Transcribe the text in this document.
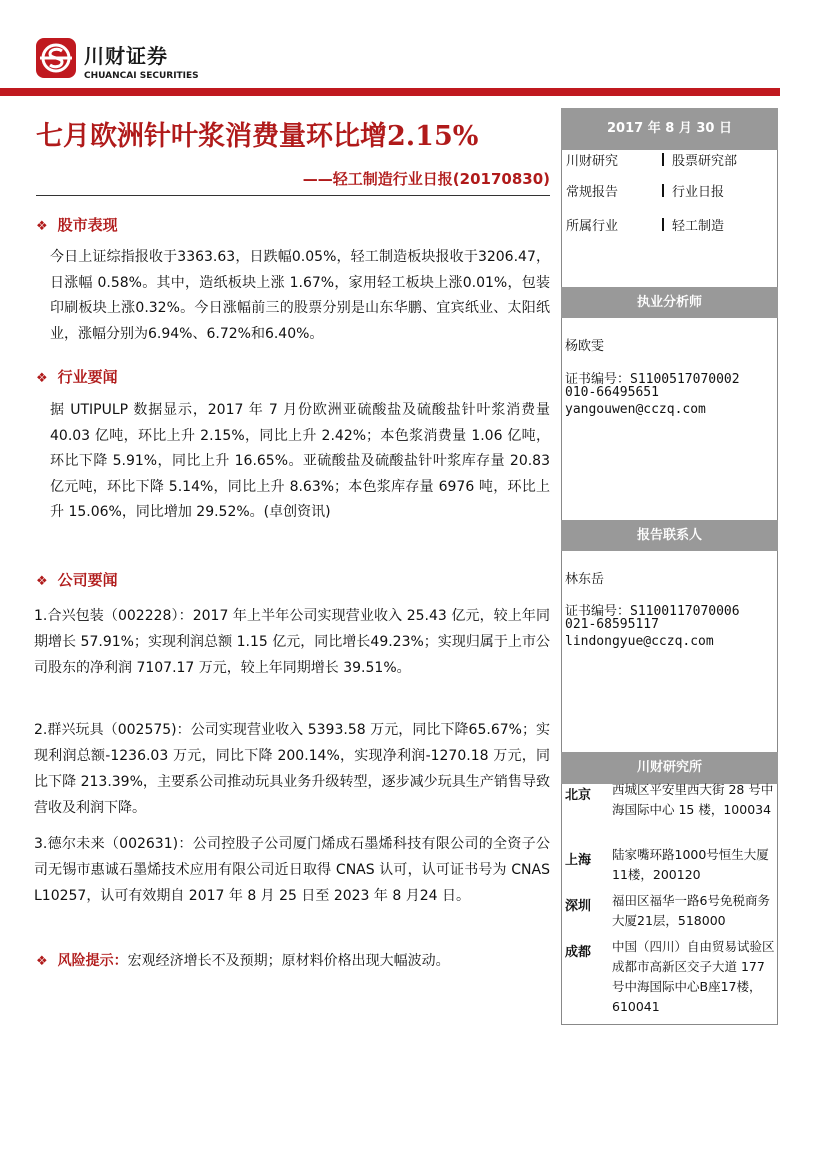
川财证券
CHUANCAI SECURITIES
七月欧洲针叶浆消费量环比增2.15%
——轻工制造行业日报(20170830)
❖ 股市表现
今日上证综指报收于3363.63，日跌幅0.05%，轻工制造板块报收于3206.47，日涨幅 0.58%。其中，造纸板块上涨 1.67%，家用轻工板块上涨0.01%，包装印刷板块上涨0.32%。今日涨幅前三的股票分别是山东华鹏、宜宾纸业、太阳纸业，涨幅分别为6.94%、6.72%和6.40%。
❖ 行业要闻
据 UTIPULP 数据显示，2017 年 7 月份欧洲亚硫酸盐及硫酸盐针叶浆消费量 40.03 亿吨，环比上升 2.15%，同比上升 2.42%；本色浆消费量 1.06 亿吨，环比下降 5.91%，同比上升 16.65%。亚硫酸盐及硫酸盐针叶浆库存量 20.83 亿元吨，环比下降 5.14%，同比上升 8.63%；本色浆库存量 6976 吨，环比上升 15.06%，同比增加 29.52%。(卓创资讯)
❖ 公司要闻
1.合兴包装（002228）：2017 年上半年公司实现营业收入 25.43 亿元，较上年同期增长 57.91%；实现利润总额 1.15 亿元，同比增长49.23%；实现归属于上市公司股东的净利润 7107.17 万元，较上年同期增长 39.51%。
2.群兴玩具（002575)：公司实现营业收入 5393.58 万元，同比下降65.67%；实现利润总额-1236.03 万元，同比下降 200.14%，实现净利润-1270.18 万元，同比下降 213.39%，主要系公司推动玩具业务升级转型，逐步减少玩具生产销售导致营收及利润下降。
3.德尔未来（002631)：公司控股子公司厦门烯成石墨烯科技有限公司的全资子公司无锡市惠诚石墨烯技术应用有限公司近日取得 CNAS 认可，认可证书号为 CNAS L10257，认可有效期自 2017 年 8 月 25 日至 2023 年 8 月24 日。
❖ 风险提示：宏观经济增长不及预期；原材料价格出现大幅波动。
2017 年 8 月 30 日
川财研究	股票研究部
常规报告	行业日报
所属行业	轻工制造
执业分析师
杨欧雯
证书编号：S1100517070002
010-66495651
yangouwen@cczq.com
报告联系人
林东岳
证书编号：S1100117070006
021-68595117
lindongyue@cczq.com
川财研究所
北京 西城区平安里西大街 28 号中海国际中心 15 楼，100034
上海 陆家嘴环路1000号恒生大厦11楼，200120
深圳 福田区福华一路6号免税商务大厦21层，518000
成都 中国（四川）自由贸易试验区成都市高新区交子大道 177 号中海国际中心B座17楼，610041
